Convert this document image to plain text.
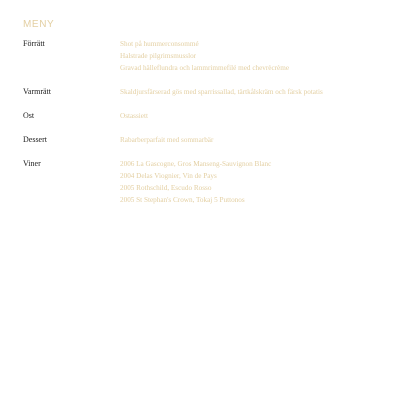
MENY
Förrätt	Shot på hummerconsommé
Halstrade pilgrimsmusslor
Gravad hälleflundra och lammrimmefilé med chevrècrème
Varmrätt	Skaldjursfärserad gös med sparrissallad, tärtkålskräm och färsk potatis
Ost	Ostassiett
Dessert	Rabarberparfait med sommarbär
Viner	2006 La Gascogne, Gros Manseng-Sauvignon Blanc
2004 Delas Viognier, Vin de Pays
2005 Rothschild, Escudo Rosso
2005 St Stephan's Crown, Tokaj 5 Puttonos
